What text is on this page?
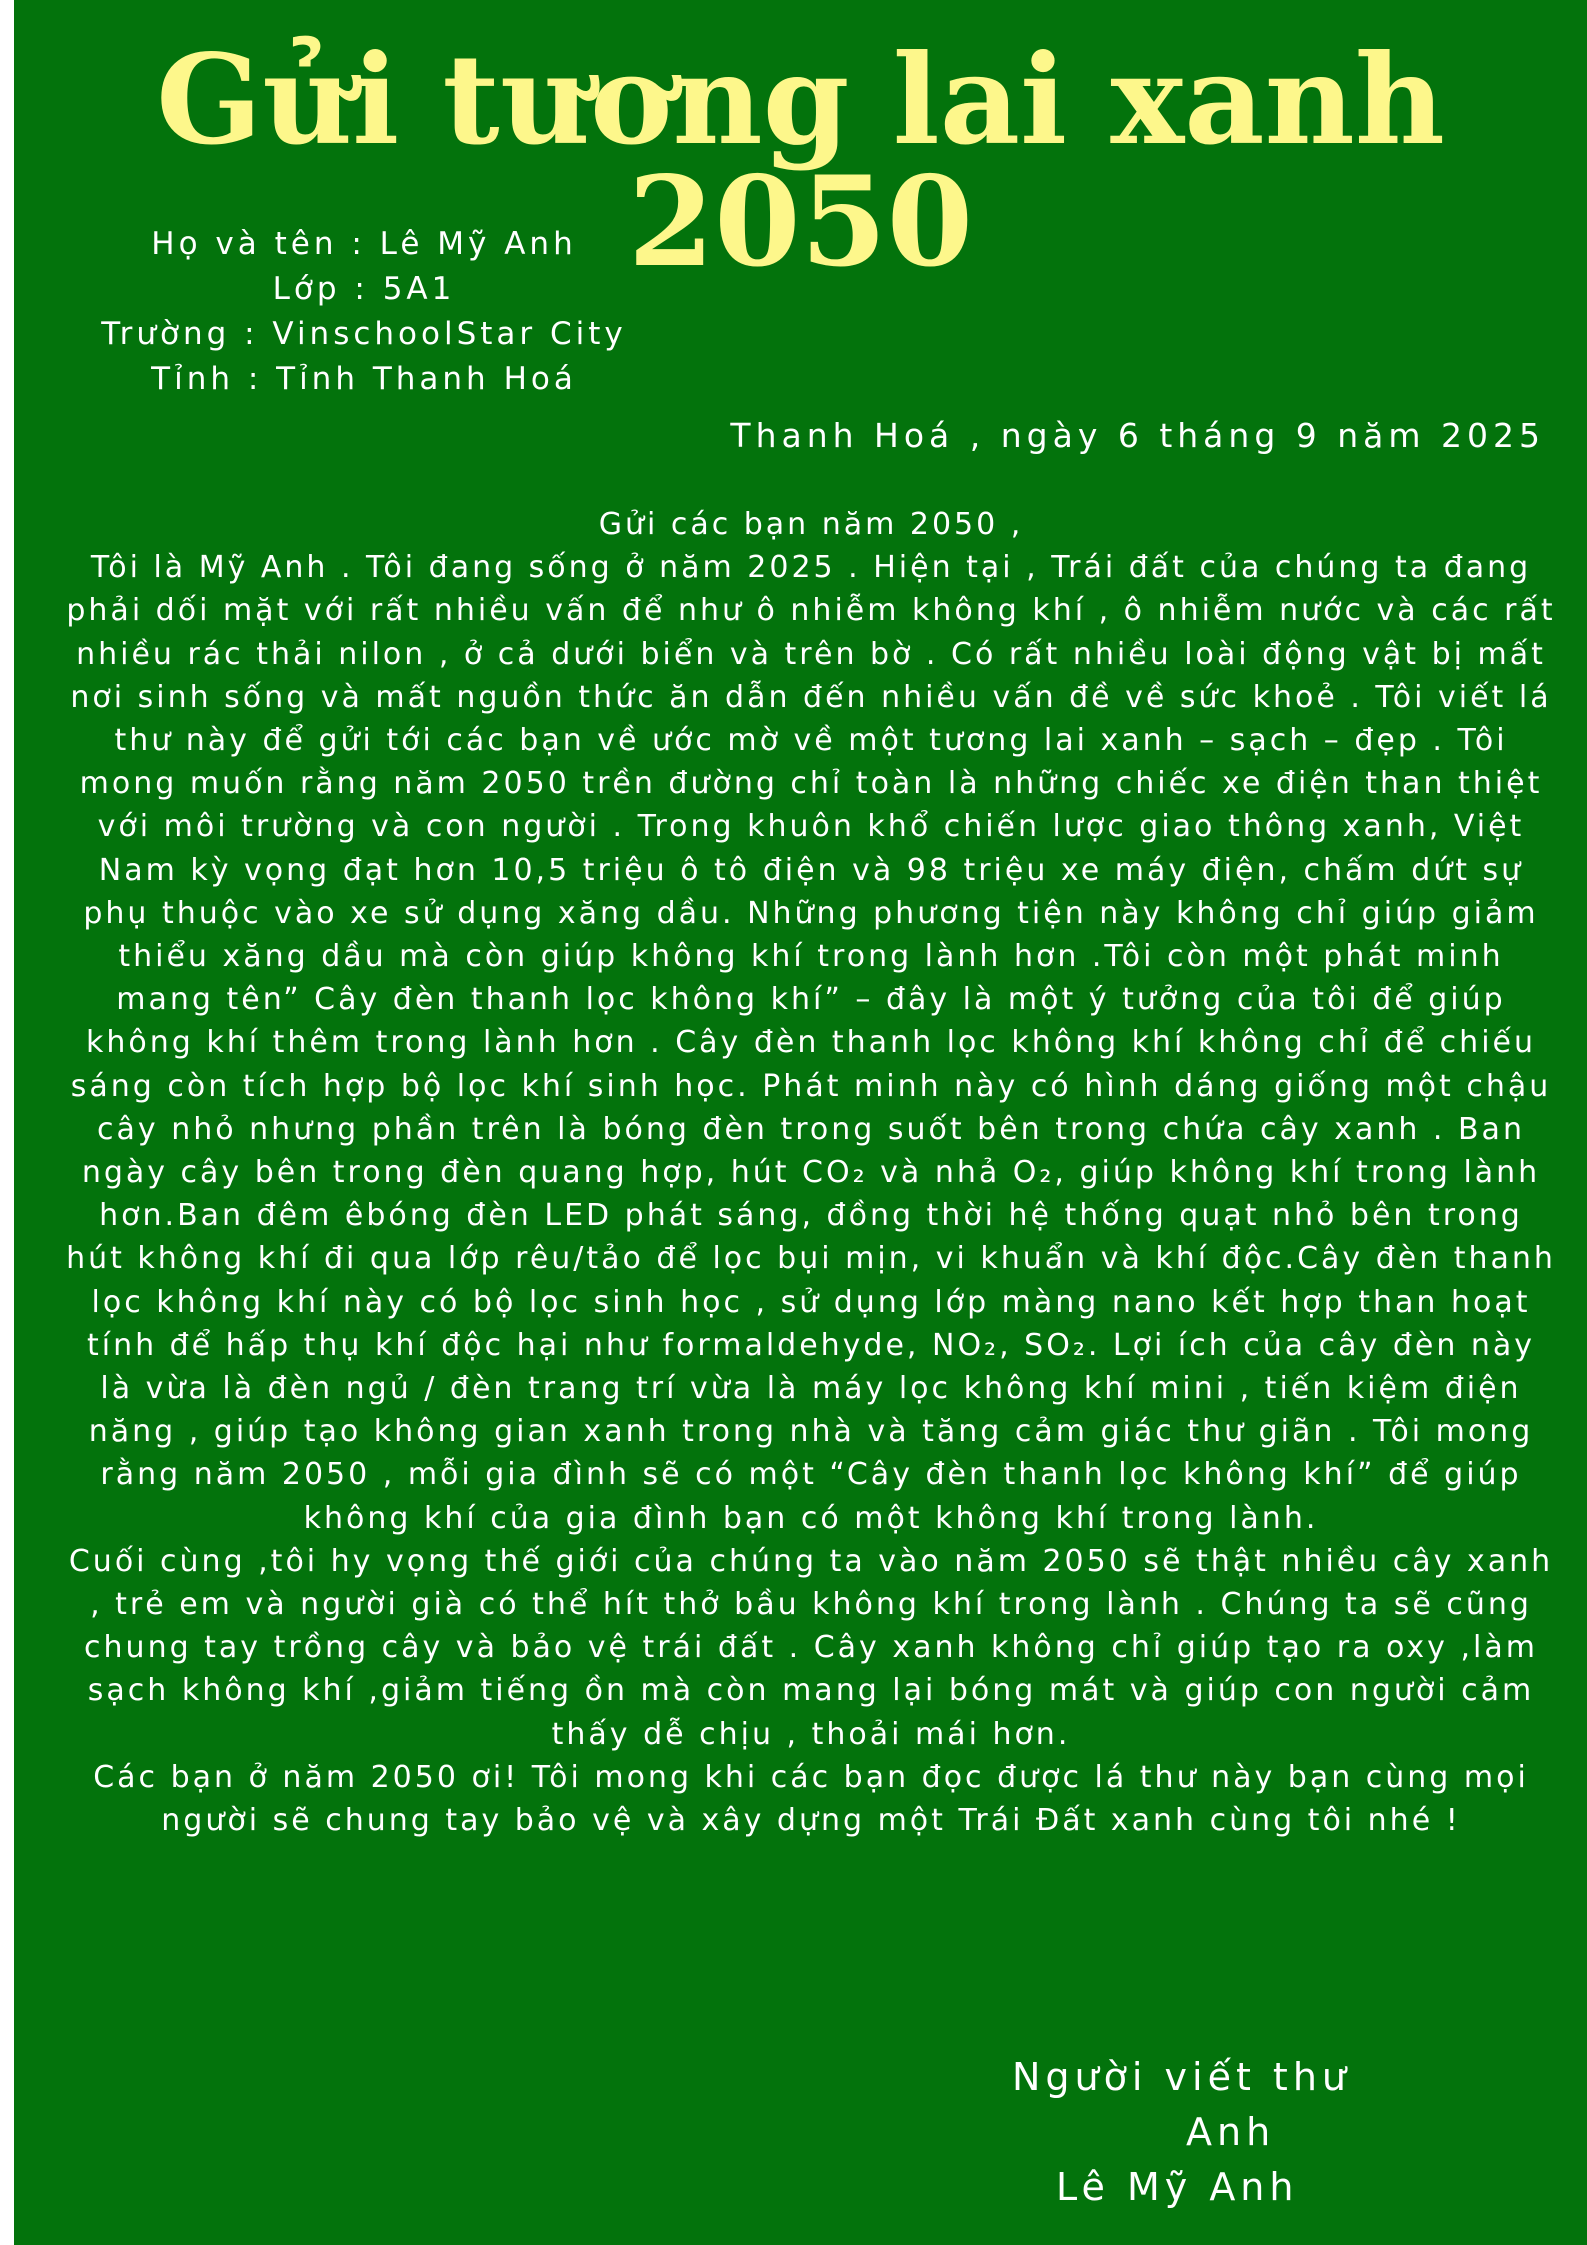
Gửi tương lai xanh
2050
Họ và tên : Lê Mỹ Anh
Lớp : 5A1
Trường : VinschoolStar City
Tỉnh : Tỉnh Thanh Hoá

Thanh Hoá , ngày 6 tháng 9 năm 2025

Gửi các bạn năm 2050 ,

Tôi là Mỹ Anh . Tôi đang sống ở năm 2025 . Hiện tại , Trái đất của chúng ta đang phải dối mặt với rất nhiều vấn để như ô nhiễm không khí , ô nhiễm nước và các rất nhiều rác thải nilon , ở cả dưới biển và trên bờ . Có rất nhiều loài động vật bị mất nơi sinh sống và mất nguồn thức ăn dẫn đến nhiều vấn đề về sức khoẻ . Tôi viết lá thư này để gửi tới các bạn về ước mờ về một tương lai xanh – sạch – đẹp . Tôi mong muốn rằng năm 2050 trền đường chỉ toàn là những chiếc xe điện than thiệt với môi trường và con người . Trong khuôn khổ chiến lược giao thông xanh, Việt Nam kỳ vọng đạt hơn 10,5 triệu ô tô điện và 98 triệu xe máy điện, chấm dứt sự phụ thuộc vào xe sử dụng xăng dầu. Những phương tiện này không chỉ giúp giảm thiểu xăng dầu mà còn giúp không khí trong lành hơn .Tôi còn một phát minh mang tên” Cây đèn thanh lọc không khí” – đây là một ý tưởng của tôi để giúp không khí thêm trong lành hơn . Cây đèn thanh lọc không khí không chỉ để chiếu sáng còn tích hợp bộ lọc khí sinh học. Phát minh này có hình dáng giống một chậu cây nhỏ nhưng phần trên là bóng đèn trong suốt bên trong chứa cây xanh . Ban ngày cây bên trong đèn quang hợp, hút CO₂ và nhả O₂, giúp không khí trong lành hơn.Ban đêm êbóng đèn LED phát sáng, đồng thời hệ thống quạt nhỏ bên trong hút không khí đi qua lớp rêu/tảo để lọc bụi mịn, vi khuẩn và khí độc.Cây đèn thanh lọc không khí này có bộ lọc sinh học , sử dụng lớp màng nano kết hợp than hoạt tính để hấp thụ khí độc hại như formaldehyde, NO₂, SO₂. Lợi ích của cây đèn này là vừa là đèn ngủ / đèn trang trí vừa là máy lọc không khí mini , tiến kiệm điện năng , giúp tạo không gian xanh trong nhà và tăng cảm giác thư giãn . Tôi mong rằng năm 2050 , mỗi gia đình sẽ có một “Cây đèn thanh lọc không khí” để giúp không khí của gia đình bạn có một không khí trong lành.

Cuối cùng ,tôi hy vọng thế giới của chúng ta vào năm 2050 sẽ thật nhiều cây xanh , trẻ em và người già có thể hít thở bầu không khí trong lành . Chúng ta sẽ cũng chung tay trồng cây và bảo vệ trái đất . Cây xanh không chỉ giúp tạo ra oxy ,làm sạch không khí ,giảm tiếng ồn mà còn mang lại bóng mát và giúp con người cảm thấy dễ chịu , thoải mái hơn.

Các bạn ở năm 2050 ơi! Tôi mong khi các bạn đọc được lá thư này bạn cùng mọi người sẽ chung tay bảo vệ và xây dựng một Trái Đất xanh cùng tôi nhé !

Người viết thư
Anh
Lê Mỹ Anh
